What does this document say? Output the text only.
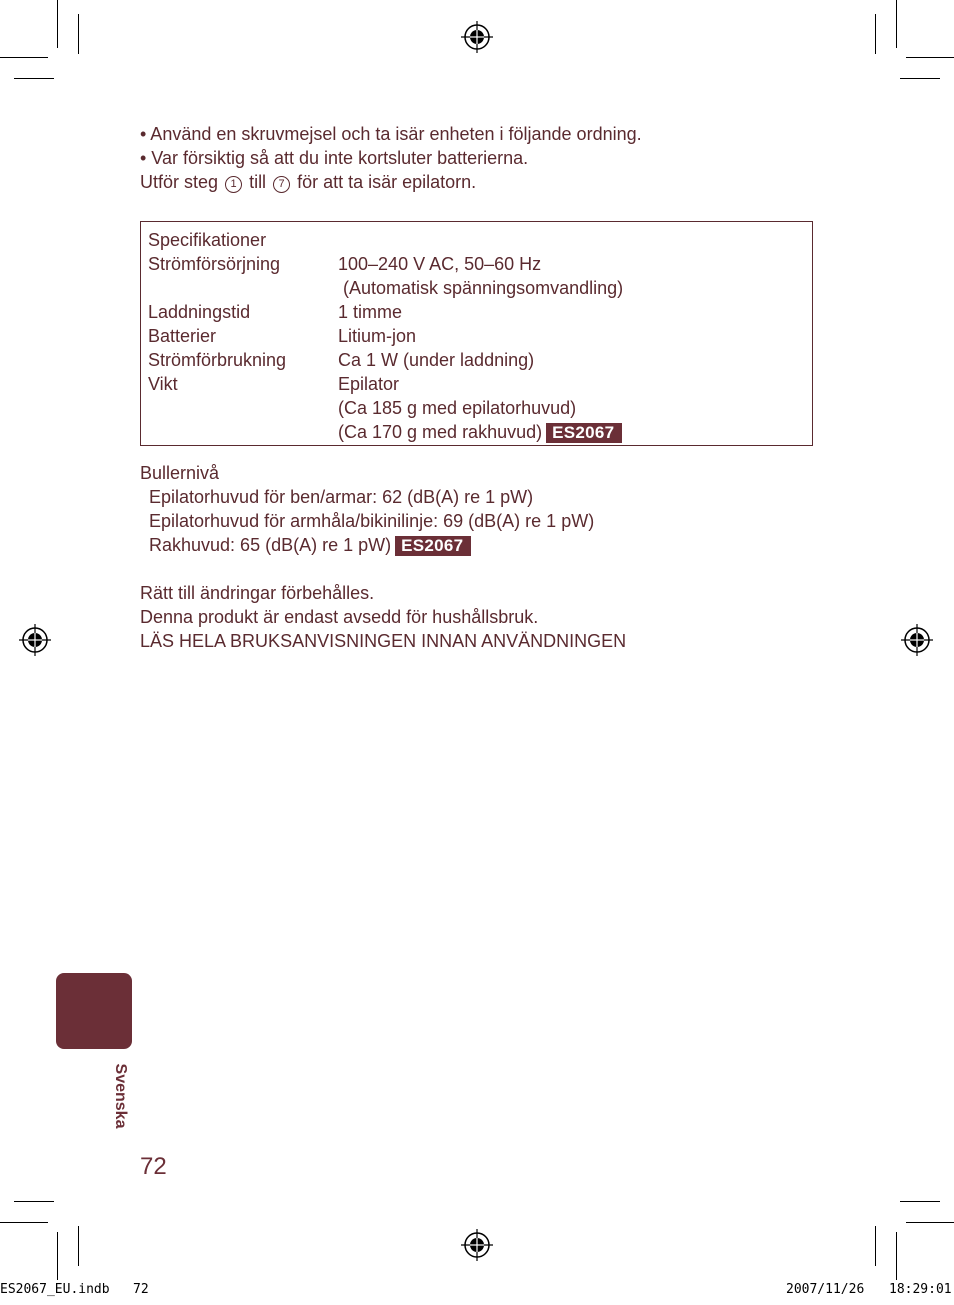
• Använd en skruvmejsel och ta isär enheten i följande ordning.
• Var försiktig så att du inte kortsluter batterierna.
Utför steg 1 till 7 för att ta isär epilatorn.
Specifikationer
Strömförsörjning	100–240 V AC, 50–60 Hz
(Automatisk spänningsomvandling)
Laddningstid	1 timme
Batterier	Litium-jon
Strömförbrukning	Ca 1 W (under laddning)
Vikt	Epilator
(Ca 185 g med epilatorhuvud)
(Ca 170 g med rakhuvud) ES2067
Bullernivå
Epilatorhuvud för ben/armar: 62 (dB(A) re 1 pW)
Epilatorhuvud för armhåla/bikinilinje: 69 (dB(A) re 1 pW)
Rakhuvud: 65 (dB(A) re 1 pW) ES2067
Rätt till ändringar förbehålles.
Denna produkt är endast avsedd för hushållsbruk.
LÄS HELA BRUKSANVISNINGEN INNAN ANVÄNDNINGEN
Svenska
72
ES2067_EU.indb   72	2007/11/26 18:29:01
